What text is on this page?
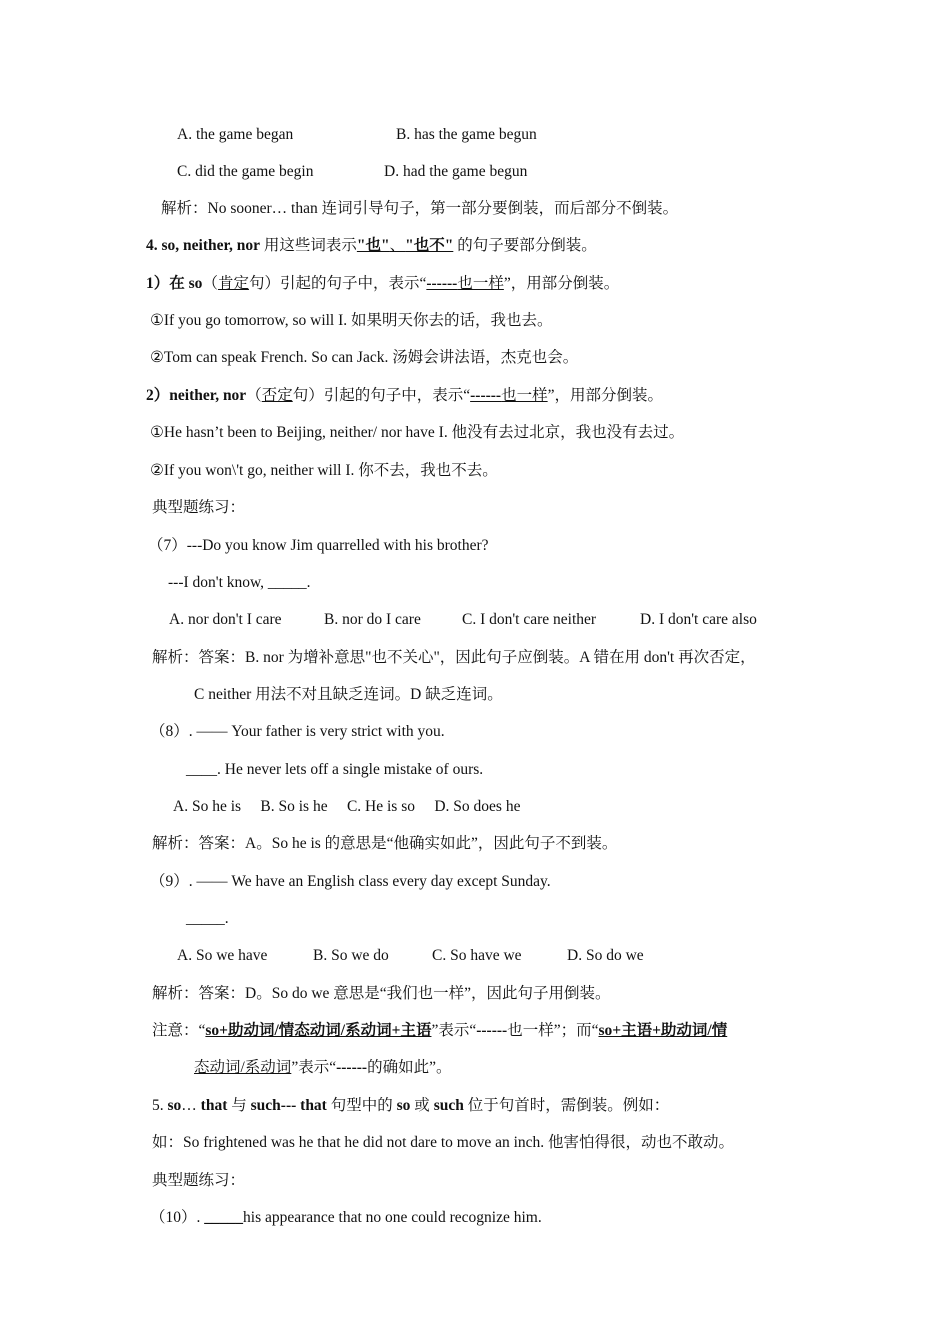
A. the game began	B. has the game begun
C. did the game begin	D. had the game begun
解析：No sooner… than 连词引导句子，第一部分要倒装，而后部分不倒装。
4. so, neither, nor 用这些词表示"也"、"也不" 的句子要部分倒装。
1）在 so（肯定句）引起的句子中，表示“------也一样”，用部分倒装。
①If you go tomorrow, so will I. 如果明天你去的话，我也去。
②Tom can speak French. So can Jack. 汤姆会讲法语，杰克也会。
2）neither, nor（否定句）引起的句子中，表示“------也一样”，用部分倒装。
①He hasn’t been to Beijing, neither/ nor have I. 他没有去过北京，我也没有去过。
②If you won\'t go, neither will I. 你不去，我也不去。
典型题练习：
（7）---Do you know Jim quarrelled with his brother?
---I don't know, _____.
A. nor don't I care	B. nor do I care	C. I don't care neither	D. I don't care also
解析：答案：B. nor 为增补意思"也不关心"，因此句子应倒装。A 错在用 don't 再次否定，
C neither 用法不对且缺乏连词。D 缺乏连词。
（8）. —— Your father is very strict with you.
____. He never lets off a single mistake of ours.
A. So he is     B. So is he     C. He is so     D. So does he
解析：答案：A。So he is 的意思是“他确实如此”，因此句子不到装。
（9）. —— We have an English class every day except Sunday.
_____.
A. So we have	B. So we do	C. So have we	D. So do we
解析：答案：D。So do we 意思是“我们也一样”，因此句子用倒装。
注意：“so+助动词/情态动词/系动词+主语”表示“------也一样”；而“so+主语+助动词/情
态动词/系动词”表示“------的确如此”。
5. so… that 与 such--- that 句型中的 so 或 such 位于句首时，需倒装。例如：
如：So frightened was he that he did not dare to move an inch. 他害怕得很，动也不敢动。
典型题练习：
（10）. _____his appearance that no one could recognize him.
